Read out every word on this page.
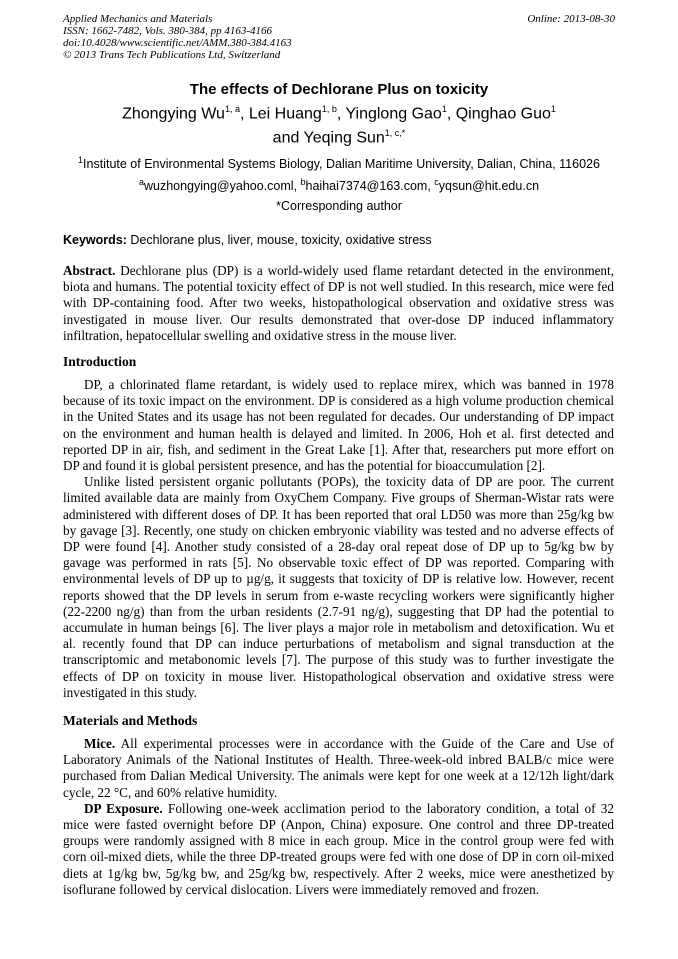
Applied Mechanics and Materials
ISSN: 1662-7482, Vols. 380-384, pp 4163-4166
doi:10.4028/www.scientific.net/AMM.380-384.4163
© 2013 Trans Tech Publications Ltd, Switzerland
Online: 2013-08-30
The effects of Dechlorane Plus on toxicity
Zhongying Wu$^{1, a}$, Lei Huang$^{1, b}$, Yinglong Gao$^1$, Qinghao Guo$^1$
and Yeqing Sun$^{1, c,*}$
$^1$Institute of Environmental Systems Biology, Dalian Maritime University, Dalian, China, 116026
$^a$wuzhongying@yahoo.coml, $^b$haihai7374@163.com, $^c$yqsun@hit.edu.cn
*Corresponding author
Keywords: Dechlorane plus, liver, mouse, toxicity, oxidative stress

Abstract. Dechlorane plus (DP) is a world-widely used flame retardant detected in the environment, biota and humans. The potential toxicity effect of DP is not well studied. In this research, mice were fed with DP-containing food. After two weeks, histopathological observation and oxidative stress was investigated in mouse liver. Our results demonstrated that over-dose DP induced inflammatory infiltration, hepatocellular swelling and oxidative stress in the mouse liver.

Introduction

DP, a chlorinated flame retardant, is widely used to replace mirex, which was banned in 1978 because of its toxic impact on the environment. DP is considered as a high volume production chemical in the United States and its usage has not been regulated for decades. Our understanding of DP impact on the environment and human health is delayed and limited. In 2006, Hoh et al. first detected and reported DP in air, fish, and sediment in the Great Lake [1]. After that, researchers put more effort on DP and found it is global persistent presence, and has the potential for bioaccumulation [2].

Unlike listed persistent organic pollutants (POPs), the toxicity data of DP are poor. The current limited available data are mainly from OxyChem Company. Five groups of Sherman-Wistar rats were administered with different doses of DP. It has been reported that oral LD50 was more than 25g/kg bw by gavage [3]. Recently, one study on chicken embryonic viability was tested and no adverse effects of DP were found [4]. Another study consisted of a 28-day oral repeat dose of DP up to 5g/kg bw by gavage was performed in rats [5]. No observable toxic effect of DP was reported. Comparing with environmental levels of DP up to µg/g, it suggests that toxicity of DP is relative low. However, recent reports showed that the DP levels in serum from e-waste recycling workers were significantly higher (22-2200 ng/g) than from the urban residents (2.7-91 ng/g), suggesting that DP had the potential to accumulate in human beings [6]. The liver plays a major role in metabolism and detoxification. Wu et al. recently found that DP can induce perturbations of metabolism and signal transduction at the transcriptomic and metabonomic levels [7]. The purpose of this study was to further investigate the effects of DP on toxicity in mouse liver. Histopathological observation and oxidative stress were investigated in this study.

Materials and Methods

Mice. All experimental processes were in accordance with the Guide of the Care and Use of Laboratory Animals of the National Institutes of Health. Three-week-old inbred BALB/c mice were purchased from Dalian Medical University. The animals were kept for one week at a 12/12h light/dark cycle, 22 °C, and 60% relative humidity.

DP Exposure. Following one-week acclimation period to the laboratory condition, a total of 32 mice were fasted overnight before DP (Anpon, China) exposure. One control and three DP-treated groups were randomly assigned with 8 mice in each group. Mice in the control group were fed with corn oil-mixed diets, while the three DP-treated groups were fed with one dose of DP in corn oil-mixed diets at 1g/kg bw, 5g/kg bw, and 25g/kg bw, respectively. After 2 weeks, mice were anesthetized by isoflurane followed by cervical dislocation. Livers were immediately removed and frozen.
